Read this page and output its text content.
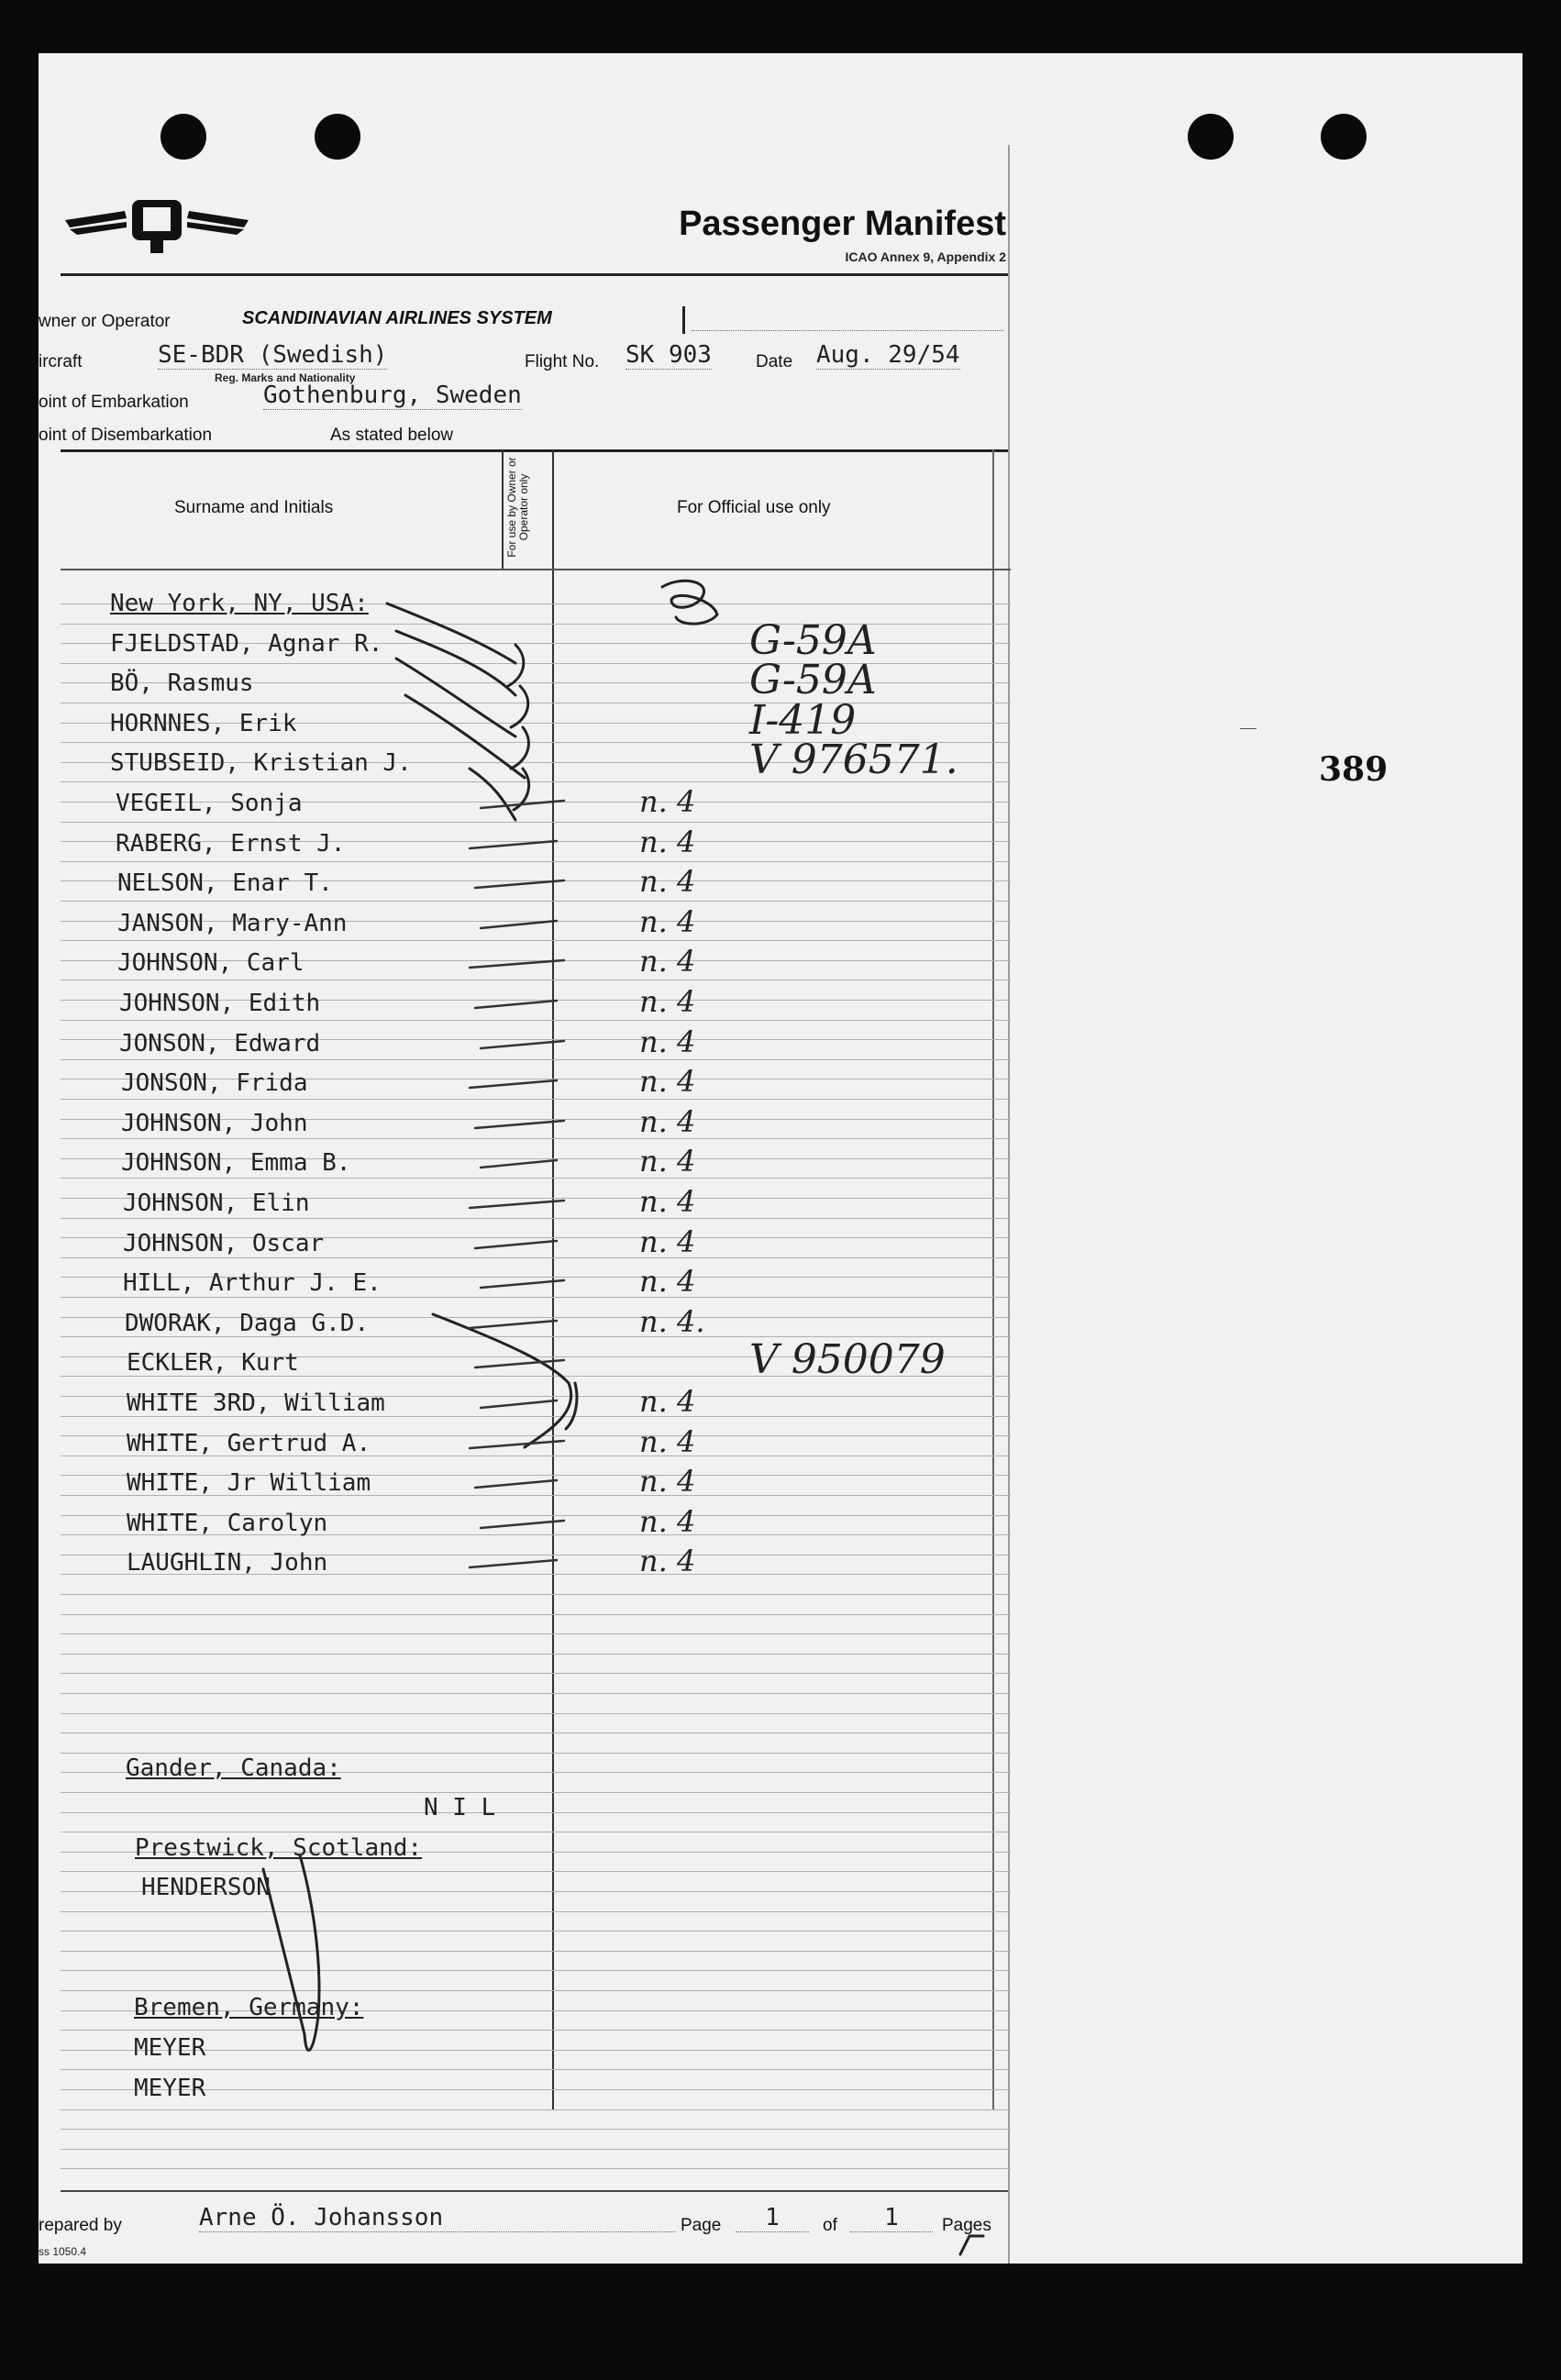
Passenger Manifest
ICAO Annex 9, Appendix 2
wner or Operator	SCANDINAVIAN AIRLINES SYSTEM
ircraft	SE-BDR (Swedish)
Reg. Marks and Nationality
Flight No. SK 903	Date Aug. 29/54
oint of Embarkation	Gothenburg, Sweden
oint of Disembarkation	As stated below
Surname and Initials	For use by Owner or Operator only	For Official use only
New York, NY, USA:
FJELDSTAD, Agnar R.	G-59A
BÖ, Rasmus	G-59A
HORNNES, Erik	I-419
STUBSEID, Kristian J.	V 976571.
VEGEIL, Sonja	n. 4
RABERG, Ernst J.	n. 4
NELSON, Enar T.	n. 4
JANSON, Mary-Ann	n. 4
JOHNSON, Carl	n. 4
JOHNSON, Edith	n. 4
JONSON, Edward	n. 4
JONSON, Frida	n. 4
JOHNSON, John	n. 4
JOHNSON, Emma B.	n. 4
JOHNSON, Elin	n. 4
JOHNSON, Oscar	n. 4
HILL, Arthur J. E.	n. 4
DWORAK, Daga G.D.	n. 4.
ECKLER, Kurt	V 950079
WHITE 3RD, William	n. 4
WHITE, Gertrud A.	n. 4
WHITE, Jr William	n. 4
WHITE, Carolyn	n. 4
LAUGHLIN, John	n. 4
Gander, Canada:
N I L
Prestwick, Scotland:
HENDERSON
Bremen, Germany:
MEYER
MEYER
repared by	Arne Ö. Johansson	Page	1	of	1	Pages
ss 1050.4
389
